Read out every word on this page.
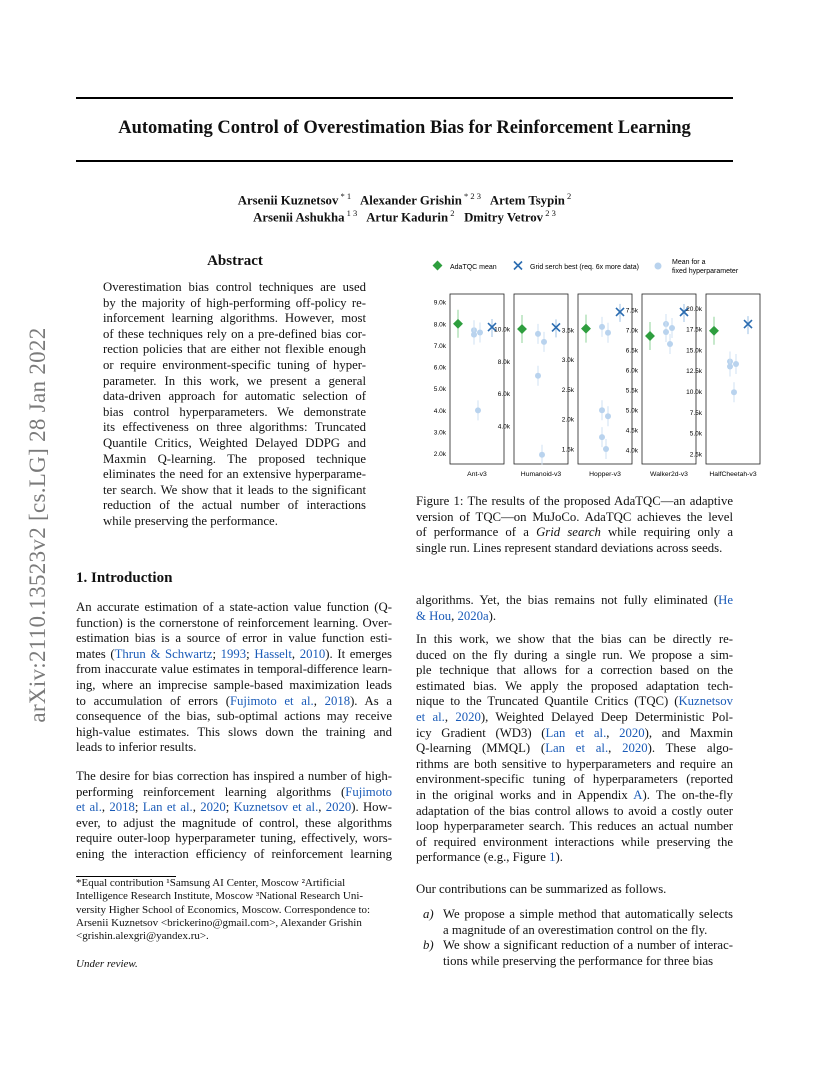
Automating Control of Overestimation Bias for Reinforcement Learning
Arsenii Kuznetsov $^{* 1}$  Alexander Grishin $^{* 2 3}$  Artem Tsypin $^2$
Arsenii Ashukha $^{1 3}$  Artur Kadurin $^2$  Dmitry Vetrov $^{2 3}$
arXiv:2110.13523v2 [cs.LG] 28 Jan 2022
Abstract
Overestimation bias control techniques are used
by the majority of high-performing off-policy re-
inforcement learning algorithms. However, most
of these techniques rely on a pre-defined bias cor-
rection policies that are either not flexible enough
or require environment-specific tuning of hyper-
parameter. In this work, we present a general
data-driven approach for automatic selection of
bias control hyperparameters. We demonstrate
its effectiveness on three algorithms: Truncated
Quantile Critics, Weighted Delayed DDPG and
Maxmin Q-learning. The proposed technique
eliminates the need for an extensive hyperparame-
ter search. We show that it leads to the significant
reduction of the actual number of interactions
while preserving the performance.
1. Introduction
An accurate estimation of a state-action value function (Q-
function) is the cornerstone of reinforcement learning. Over-
estimation bias is a source of error in value function esti-
mates (Thrun & Schwartz; 1993; Hasselt, 2010). It emerges
from inaccurate value estimates in temporal-difference learn-
ing, where an imprecise sample-based maximization leads
to accumulation of errors (Fujimoto et al., 2018). As a
consequence of the bias, sub-optimal actions may receive
high-value estimates. This slows down the training and
leads to inferior results.
The desire for bias correction has inspired a number of high-
performing reinforcement learning algorithms (Fujimoto
et al., 2018; Lan et al., 2020; Kuznetsov et al., 2020). How-
ever, to adjust the magnitude of control, these algorithms
require outer-loop hyperparameter tuning, effectively, wors-
ening the interaction efficiency of reinforcement learning
*Equal contribution ¹Samsung AI Center, Moscow ²Artificial
Intelligence Research Institute, Moscow ³National Research Uni-
versity Higher School of Economics, Moscow. Correspondence to:
Arsenii Kuznetsov <brickerino@gmail.com>, Alexander Grishin
<grishin.alexgri@yandex.ru>.
Under review.
AdaTQC mean	Grid serch best (req. 6x more data)
Mean for a
fixed hyperparameter
9.0k
8.0k
7.0k
6.0k
5.0k
4.0k
3.0k
2.0k
Ant-v3
10.0k
8.0k
6.0k
4.0k
Humanoid-v3
3.5k
3.0k
2.5k
2.0k
1.5k
Hopper-v3
7.5k
7.0k
6.5k
6.0k
5.5k
5.0k
4.5k
4.0k
Walker2d-v3
20.0k
17.5k
15.0k
12.5k
10.0k
7.5k
5.0k
2.5k
HalfCheetah-v3
Figure 1: The results of the proposed AdaTQC—an adaptive
version of TQC—on MuJoCo. AdaTQC achieves the level
of performance of a Grid search while requiring only a
single run. Lines represent standard deviations across seeds.
algorithms. Yet, the bias remains not fully eliminated (He
& Hou, 2020a).
In this work, we show that the bias can be directly re-
duced on the fly during a single run. We propose a sim-
ple technique that allows for a correction based on the
estimated bias. We apply the proposed adaptation tech-
nique to the Truncated Quantile Critics (TQC) (Kuznetsov
et al., 2020), Weighted Delayed Deep Deterministic Pol-
icy Gradient (WD3) (Lan et al., 2020), and Maxmin
Q-learning (MMQL) (Lan et al., 2020). These algo-
rithms are both sensitive to hyperparameters and require an
environment-specific tuning of hyperparameters (reported
in the original works and in Appendix A). The on-the-fly
adaptation of the bias control allows to avoid a costly outer
loop hyperparameter search. This reduces an actual number
of required environment interactions while preserving the
performance (e.g., Figure 1).
Our contributions can be summarized as follows.
a) We propose a simple method that automatically selects
a magnitude of an overestimation control on the fly.
b) We show a significant reduction of a number of interac-
tions while preserving the performance for three bias
